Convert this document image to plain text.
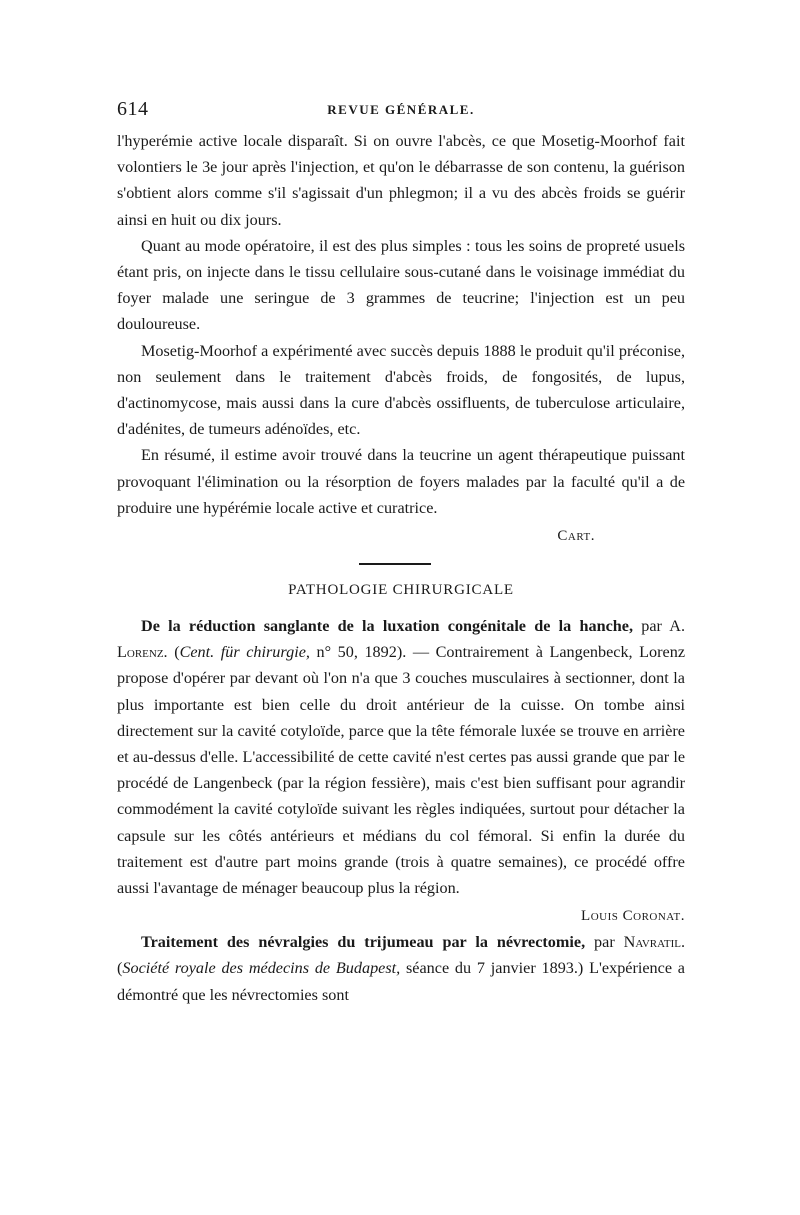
614	REVUE GÉNÉRALE.

l'hyperémie active locale disparaît. Si on ouvre l'abcès, ce que Mosetig-Moorhof fait volontiers le 3e jour après l'injection, et qu'on le débarrasse de son contenu, la guérison s'obtient alors comme s'il s'agissait d'un phlegmon; il a vu des abcès froids se guérir ainsi en huit ou dix jours.

Quant au mode opératoire, il est des plus simples : tous les soins de propreté usuels étant pris, on injecte dans le tissu cellulaire sous-cutané dans le voisinage immédiat du foyer malade une seringue de 3 grammes de teucrine; l'injection est un peu douloureuse.

Mosetig-Moorhof a expérimenté avec succès depuis 1888 le produit qu'il préconise, non seulement dans le traitement d'abcès froids, de fongosités, de lupus, d'actinomycose, mais aussi dans la cure d'abcès ossifluents, de tuberculose articulaire, d'adénites, de tumeurs adénoïdes, etc.

En résumé, il estime avoir trouvé dans la teucrine un agent thérapeutique puissant provoquant l'élimination ou la résorption de foyers malades par la faculté qu'il a de produire une hypérémie locale active et curatrice.

Cart.

PATHOLOGIE CHIRURGICALE

De la réduction sanglante de la luxation congénitale de la hanche, par A. Lorenz. (Cent. für chirurgie, n° 50, 1892). — Contrairement à Langenbeck, Lorenz propose d'opérer par devant où l'on n'a que 3 couches musculaires à sectionner, dont la plus importante est bien celle du droit antérieur de la cuisse. On tombe ainsi directement sur la cavité cotyloïde, parce que la tête fémorale luxée se trouve en arrière et au-dessus d'elle. L'accessibilité de cette cavité n'est certes pas aussi grande que par le procédé de Langenbeck (par la région fessière), mais c'est bien suffisant pour agrandir commodément la cavité cotyloïde suivant les règles indiquées, surtout pour détacher la capsule sur les côtés antérieurs et médians du col fémoral. Si enfin la durée du traitement est d'autre part moins grande (trois à quatre semaines), ce procédé offre aussi l'avantage de ménager beaucoup plus la région.

Louis Coronat.

Traitement des névralgies du trijumeau par la névrectomie, par Navratil. (Société royale des médecins de Budapest, séance du 7 janvier 1893.) L'expérience a démontré que les névrectomies sont
